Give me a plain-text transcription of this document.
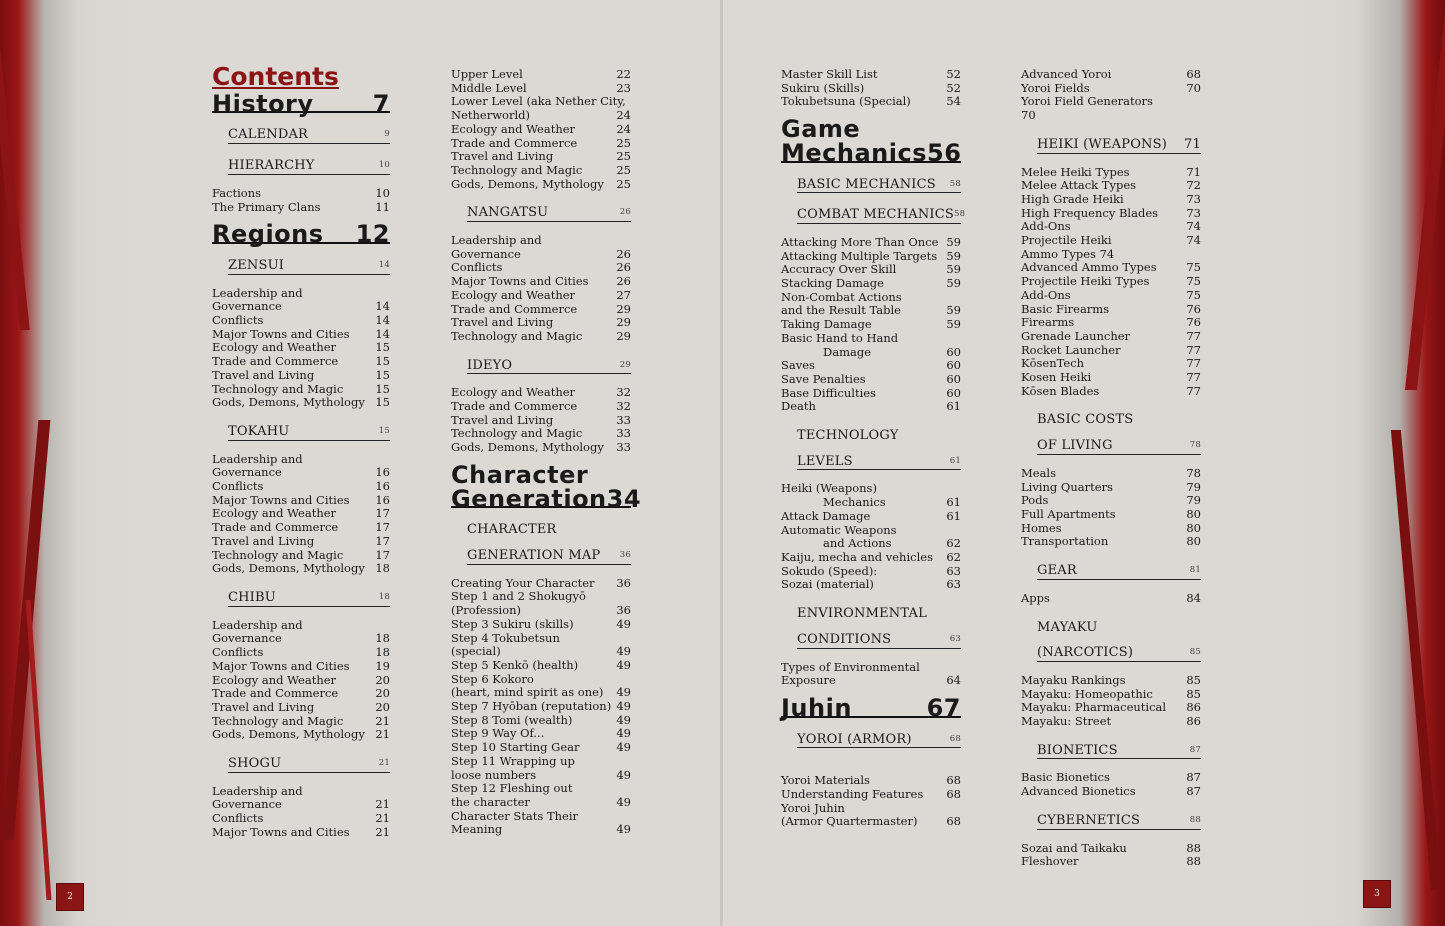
Contents
History 7
CALENDAR	9
HIERARCHY	10
Factions	10
The Primary Clans	11
Regions 12
ZENSUI	14
Leadership and
Governance	14
Conflicts	14
Major Towns and Cities	14
Ecology and Weather	15
Trade and Commerce	15
Travel and Living	15
Technology and Magic	15
Gods, Demons, Mythology 15
TOKAHU	15
Leadership and
Governance	16
Conflicts	16
Major Towns and Cities	16
Ecology and Weather	17
Trade and Commerce	17
Travel and Living	17
Technology and Magic	17
Gods, Demons, Mythology 18
CHIBU	18
Leadership and
Governance	18
Conflicts	18
Major Towns and Cities	19
Ecology and Weather	20
Trade and Commerce	20
Travel and Living	20
Technology and Magic	21
Gods, Demons, Mythology 21
SHOGU	21
Leadership and
Governance	21
Conflicts	21
Major Towns and Cities	21
Upper Level	22
Middle Level	23
Lower Level (aka Nether City,
Netherworld)	24
Ecology and Weather	24
Trade and Commerce	25
Travel and Living	25
Technology and Magic	25
Gods, Demons, Mythology	25
NANGATSU	26
Leadership and
Governance	26
Conflicts	26
Major Towns and Cities	26
Ecology and Weather	27
Trade and Commerce	29
Travel and Living	29
Technology and Magic	29
IDEYO	29
Ecology and Weather	32
Trade and Commerce	32
Travel and Living	33
Technology and Magic	33
Gods, Demons, Mythology	33
Character
Generation 34
CHARACTER
GENERATION MAP	36
Creating Your Character	36
Step 1 and 2 Shokugyō
(Profession)	36
Step 3 Sukiru (skills)	49
Step 4 Tokubetsun
(special)	49
Step 5 Kenkō (health)	49
Step 6 Kokoro
(heart, mind spirit as one)	49
Step 7 Hyōban (reputation) 49
Step 8 Tomi (wealth)	49
Step 9 Way Of...	49
Step 10 Starting Gear	49
Step 11 Wrapping up
loose numbers	49
Step 12 Fleshing out
the character	49
Character Stats Their
Meaning	49
Master Skill List	52
Sukiru (Skills)	52
Tokubetsuna (Special)	54
Game
Mechanics 56
BASIC MECHANICS	58
COMBAT MECHANICS 58
Attacking More Than Once 59
Attacking Multiple Targets 59
Accuracy Over Skill	59
Stacking Damage	59
Non-Combat Actions
and the Result Table	59
Taking Damage	59
Basic Hand to Hand
Damage	60
Saves	60
Save Penalties	60
Base Difficulties	60
Death	61
TECHNOLOGY
LEVELS	61
Heiki (Weapons)
Mechanics	61
Attack Damage	61
Automatic Weapons
and Actions	62
Kaiju, mecha and vehicles	62
Sokudo (Speed):	63
Sozai (material)	63
ENVIRONMENTAL
CONDITIONS	63
Types of Environmental
Exposure	64
Juhin	67
YOROI (ARMOR)	68
Yoroi Materials	68
Understanding Features	68
Yoroi Juhin
(Armor Quartermaster)	68
Advanced Yoroi	68
Yoroi Fields	70
Yoroi Field Generators
70
HEIKI (WEAPONS)	71
Melee Heiki Types	71
Melee Attack Types	72
High Grade Heiki	73
High Frequency Blades	73
Add-Ons	74
Projectile Heiki	74
Ammo Types 74
Advanced Ammo Types	75
Projectile Heiki Types	75
Add-Ons	75
Basic Firearms	76
Firearms	76
Grenade Launcher	77
Rocket Launcher	77
KōsenTech	77
Kosen Heiki	77
Kōsen Blades	77
BASIC COSTS
OF LIVING	78
Meals	78
Living Quarters	79
Pods	79
Full Apartments	80
Homes	80
Transportation	80
GEAR	81
Apps	84
MAYAKU
(NARCOTICS)	85
Mayaku Rankings	85
Mayaku: Homeopathic	85
Mayaku: Pharmaceutical	86
Mayaku: Street	86
BIONETICS	87
Basic Bionetics	87
Advanced Bionetics	87
CYBERNETICS	88
Sozai and Taikaku	88
Fleshover	88
2	3
